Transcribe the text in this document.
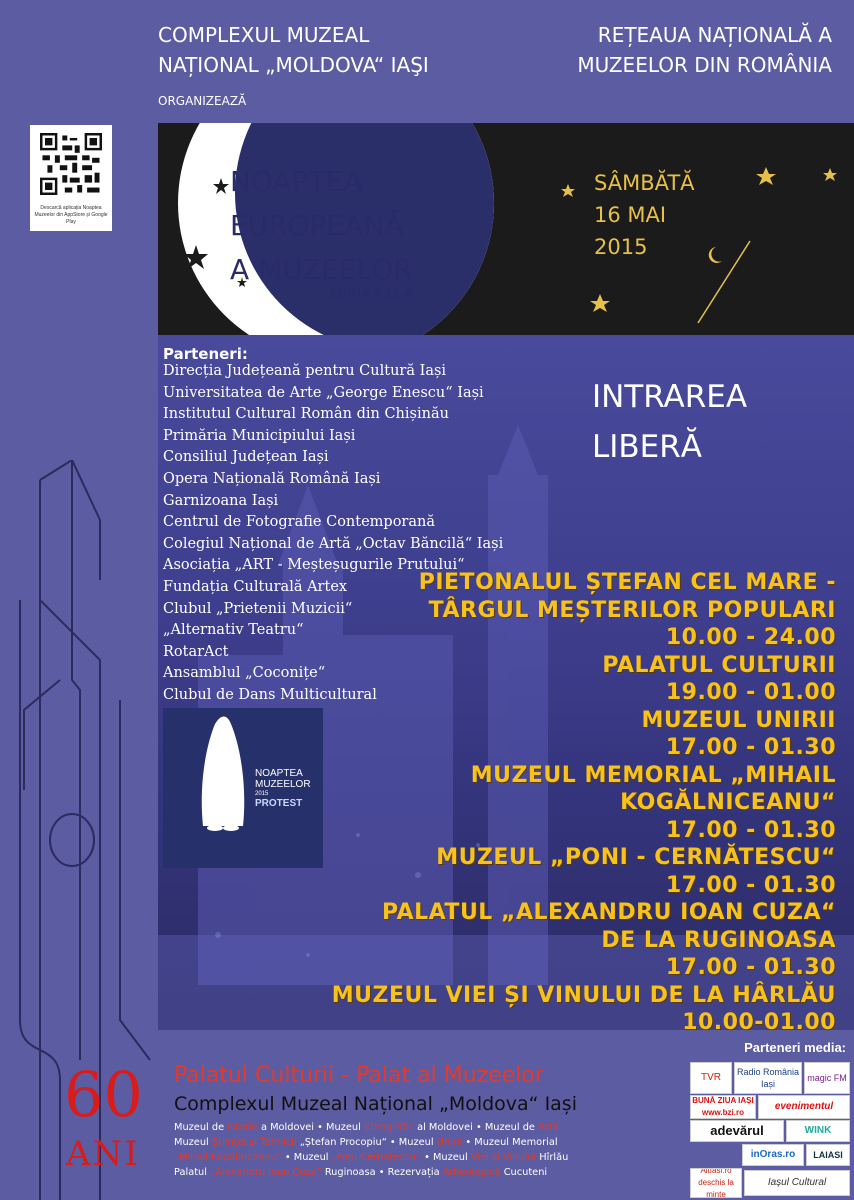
COMPLEXUL MUZEAL
NAȚIONAL „MOLDOVA“ IAŞI
REȚEAUA NAȚIONALĂ A
MUZEELOR DIN ROMÂNIA
ORGANIZEAZĂ
Descarcă aplicația Noaptea Muzeelor din AppStore și Google Play
NOAPTEA
EUROPEANĂ
A MUZEELOR
EDIȚIA A 11-A
SÂMBĂTĂ
16 MAI
2015
Parteneri:
Direcția Județeană pentru Cultură Iași
Universitatea de Arte „George Enescu“ Iași
Institutul Cultural Român din Chișinău
Primăria Municipiului Iași
Consiliul Județean Iași
Opera Națională Română Iași
Garnizoana Iași
Centrul de Fotografie Contemporană
Colegiul Național de Artă „Octav Băncilă“ Iași
Asociația „ART - Meșteșugurile Prutului“
Fundația Culturală Artex
Clubul „Prietenii Muzicii“
„Alternativ Teatru“
RotarAct
Ansamblul „Coconițe“
Clubul de Dans Multicultural
INTRAREA
LIBERĂ
NOAPTEA
MUZEELOR
2015
PROTEST
PIETONALUL ȘTEFAN CEL MARE -
TÂRGUL MEȘTERILOR POPULARI
10.00 - 24.00
PALATUL CULTURII
19.00 - 01.00
MUZEUL UNIRII
17.00 - 01.30
MUZEUL MEMORIAL „MIHAIL
KOGĂLNICEANU“
17.00 - 01.30
MUZEUL „PONI - CERNĂTESCU“
17.00 - 01.30
PALATUL „ALEXANDRU IOAN CUZA“
DE LA RUGINOASA
17.00 - 01.30
MUZEUL VIEI ȘI VINULUI DE LA HÂRLĂU
10.00-01.00
Parteneri media:
TVR	Radio România Iași
magic FM
BUNĂ ZIUA IAȘI www.bzi.ro
evenimentul
adevărul	WINK
inOras.ro	LAIASI
AltIasi.ro deschis la minte
Iașul Cultural
60
ANI
Palatul Culturii - Palat al Muzeelor
Complexul Muzeal Național „Moldova“ Iași
Muzeul de Istorie a Moldovei • Muzeul Etnografic al Moldovei • Muzeul de Artă
Muzeul Științei și Tehnicii „Ștefan Procopiu“ • Muzeul Unirii • Muzeul Memorial
„Mihail Kogălniceanu“ • Muzeul „Poni-Cernătescu“ • Muzeul Viei și Vinului Hîrlău
Palatul „Alexandru Ioan Cuza“ Ruginoasa • Rezervația Arheologică Cucuteni
